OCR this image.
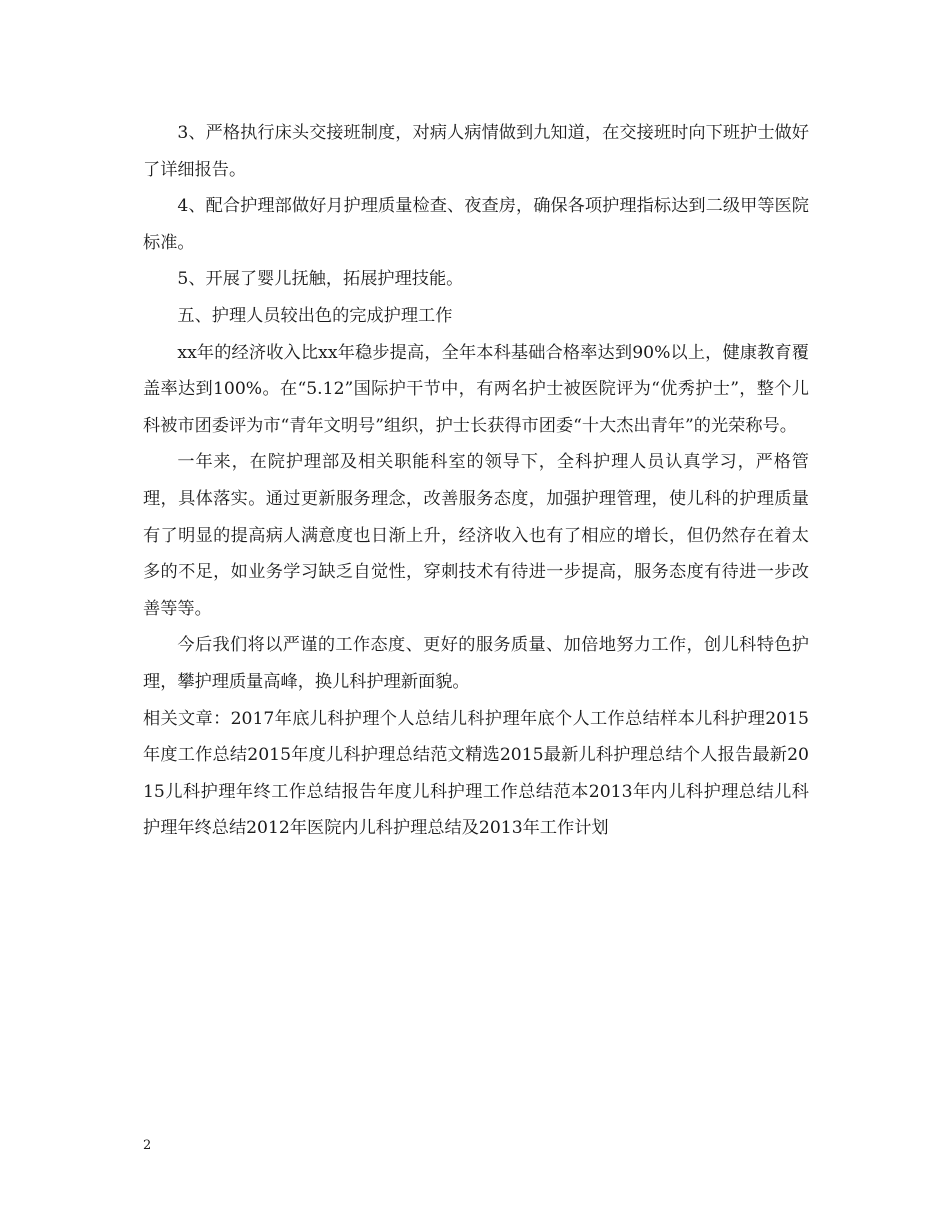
3、严格执行床头交接班制度，对病人病情做到九知道，在交接班时向下班护士做好了详细报告。

4、配合护理部做好月护理质量检查、夜查房，确保各项护理指标达到二级甲等医院标准。

5、开展了婴儿抚触，拓展护理技能。

五、护理人员较出色的完成护理工作

xx年的经济收入比xx年稳步提高，全年本科基础合格率达到90%以上，健康教育覆盖率达到100%。在“5.12”国际护干节中，有两名护士被医院评为“优秀护士”，整个儿科被市团委评为市“青年文明号”组织，护士长获得市团委“十大杰出青年”的光荣称号。

一年来，在院护理部及相关职能科室的领导下，全科护理人员认真学习，严格管理，具体落实。通过更新服务理念，改善服务态度，加强护理管理，使儿科的护理质量有了明显的提高病人满意度也日渐上升，经济收入也有了相应的增长，但仍然存在着太多的不足，如业务学习缺乏自觉性，穿刺技术有待进一步提高，服务态度有待进一步改善等等。

今后我们将以严谨的工作态度、更好的服务质量、加倍地努力工作，创儿科特色护理，攀护理质量高峰，换儿科护理新面貌。

相关文章：2017年底儿科护理个人总结儿科护理年底个人工作总结样本儿科护理2015年度工作总结2015年度儿科护理总结范文精选2015最新儿科护理总结个人报告最新2015儿科护理年终工作总结报告年度儿科护理工作总结范本2013年内儿科护理总结儿科护理年终总结2012年医院内儿科护理总结及2013年工作计划

2
